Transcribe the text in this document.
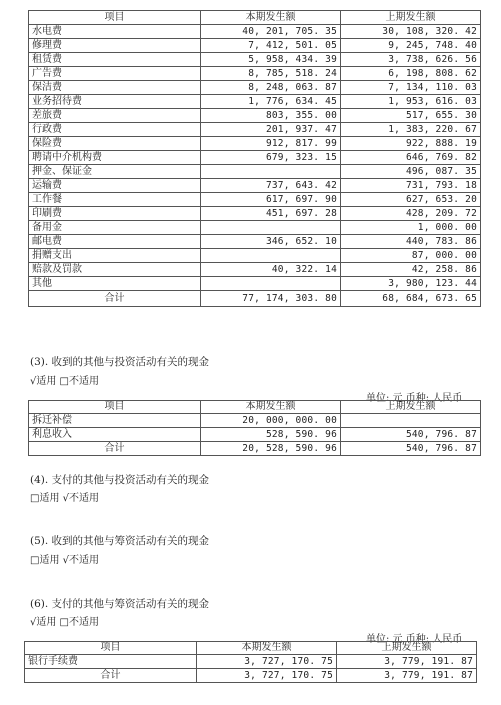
项目	本期发生额	上期发生额
水电费	40, 201, 705. 35	30, 108, 320. 42
修理费	7, 412, 501. 05	9, 245, 748. 40
租赁费	5, 958, 434. 39	3, 738, 626. 56
广告费	8, 785, 518. 24	6, 198, 808. 62
保洁费	8, 248, 063. 87	7, 134, 110. 03
业务招待费	1, 776, 634. 45	1, 953, 616. 03
差旅费	803, 355. 00	517, 655. 30
行政费	201, 937. 47	1, 383, 220. 67
保险费	912, 817. 99	922, 888. 19
聘请中介机构费	679, 323. 15	646, 769. 82
押金、保证金		496, 087. 35
运输费	737, 643. 42	731, 793. 18
工作餐	617, 697. 90	627, 653. 20
印刷费	451, 697. 28	428, 209. 72
备用金		1, 000. 00
邮电费	346, 652. 10	440, 783. 86
捐赠支出		87, 000. 00
赔款及罚款	40, 322. 14	42, 258. 86
其他		3, 980, 123. 44
合计	77, 174, 303. 80	68, 684, 673. 65
(3). 收到的其他与投资活动有关的现金
√适用 □不适用
单位: 元 币种: 人民币
项目	本期发生额	上期发生额
拆迁补偿	20, 000, 000. 00	
利息收入	528, 590. 96	540, 796. 87
合计	20, 528, 590. 96	540, 796. 87
(4). 支付的其他与投资活动有关的现金
□适用 √不适用
(5). 收到的其他与筹资活动有关的现金
□适用 √不适用
(6). 支付的其他与筹资活动有关的现金
√适用 □不适用
单位: 元 币种: 人民币
项目	本期发生额	上期发生额
银行手续费	3, 727, 170. 75	3, 779, 191. 87
合计	3, 727, 170. 75	3, 779, 191. 87
